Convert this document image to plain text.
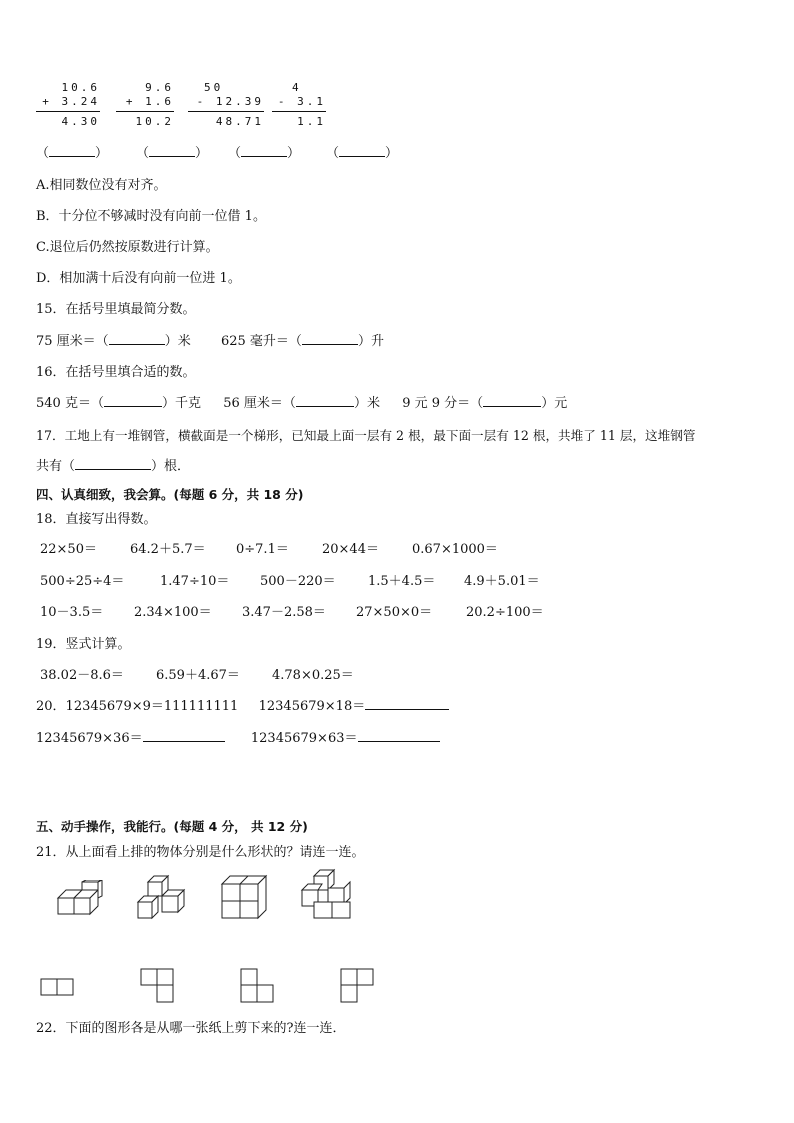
10.6
+ 3.24
4.30
9.6
+ 1.6
10.2
50
- 12.39
48.71
4
- 3.1
1.1
（	） （	） （	） （	）
A.相同数位没有对齐。
B．十分位不够减时没有向前一位借 1。
C.退位后仍然按原数进行计算。
D．相加满十后没有向前一位进 1。
15．在括号里填最简分数。
75 厘米＝（	）米 625 毫升＝（	）升
16．在括号里填合适的数。
540 克＝（	）千克 56 厘米＝（	）米 9 元 9 分＝（	）元
17．工地上有一堆钢管，横截面是一个梯形，已知最上面一层有 2 根，最下面一层有 12 根，共堆了 11 层，这堆钢管
共有（	）根．
四、认真细致，我会算。(每题 6 分，共 18 分)
18．直接写出得数。
22×50＝	64.2＋5.7＝ 0÷7.1＝	20×44＝	0.67×1000＝
500÷25÷4＝	1.47÷10＝ 500－220＝ 1.5＋4.5＝ 4.9＋5.01＝
10－3.5＝ 2.34×100＝ 3.47－2.58＝ 27×50×0＝	20.2÷100＝
19．竖式计算。
38.02－8.6＝ 6.59＋4.67＝ 4.78×0.25＝
20．12345679×9＝111111111 12345679×18＝
12345679×36＝	12345679×63＝
五、动手操作，我能行。(每题 4 分， 共 12 分)
21．从上面看上排的物体分别是什么形状的？请连一连。
22．下面的图形各是从哪一张纸上剪下来的?连一连．
